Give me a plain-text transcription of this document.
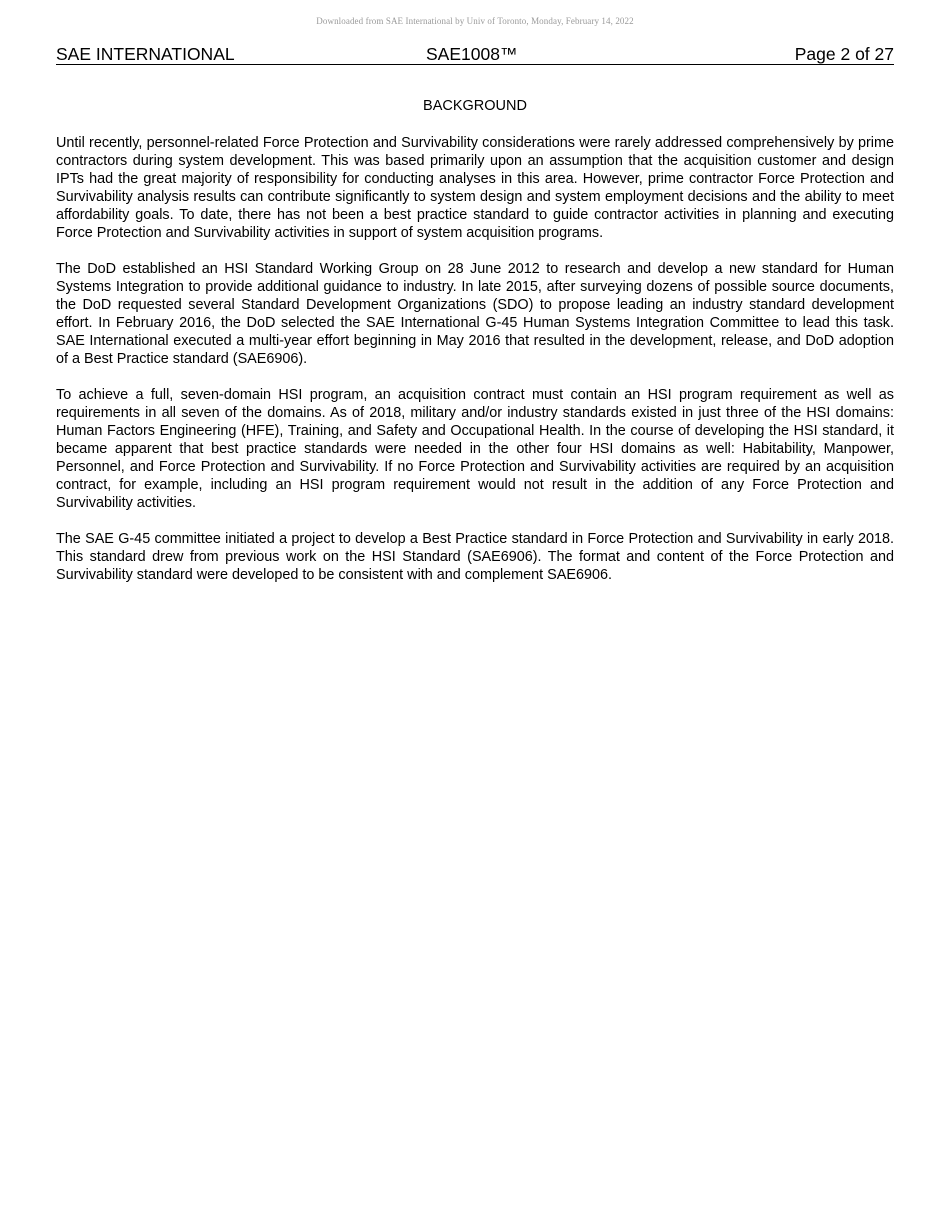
Downloaded from SAE International by Univ of Toronto, Monday, February 14, 2022
SAE INTERNATIONAL	SAE1008™	Page 2 of 27
BACKGROUND

Until recently, personnel-related Force Protection and Survivability considerations were rarely addressed comprehensively by prime contractors during system development. This was based primarily upon an assumption that the acquisition customer and design IPTs had the great majority of responsibility for conducting analyses in this area. However, prime contractor Force Protection and Survivability analysis results can contribute significantly to system design and system employment decisions and the ability to meet affordability goals. To date, there has not been a best practice standard to guide contractor activities in planning and executing Force Protection and Survivability activities in support of system acquisition programs.

The DoD established an HSI Standard Working Group on 28 June 2012 to research and develop a new standard for Human Systems Integration to provide additional guidance to industry. In late 2015, after surveying dozens of possible source documents, the DoD requested several Standard Development Organizations (SDO) to propose leading an industry standard development effort. In February 2016, the DoD selected the SAE International G-45 Human Systems Integration Committee to lead this task. SAE International executed a multi-year effort beginning in May 2016 that resulted in the development, release, and DoD adoption of a Best Practice standard (SAE6906).

To achieve a full, seven-domain HSI program, an acquisition contract must contain an HSI program requirement as well as requirements in all seven of the domains. As of 2018, military and/or industry standards existed in just three of the HSI domains: Human Factors Engineering (HFE), Training, and Safety and Occupational Health. In the course of developing the HSI standard, it became apparent that best practice standards were needed in the other four HSI domains as well: Habitability, Manpower, Personnel, and Force Protection and Survivability. If no Force Protection and Survivability activities are required by an acquisition contract, for example, including an HSI program requirement would not result in the addition of any Force Protection and Survivability activities.

The SAE G-45 committee initiated a project to develop a Best Practice standard in Force Protection and Survivability in early 2018. This standard drew from previous work on the HSI Standard (SAE6906). The format and content of the Force Protection and Survivability standard were developed to be consistent with and complement SAE6906.
